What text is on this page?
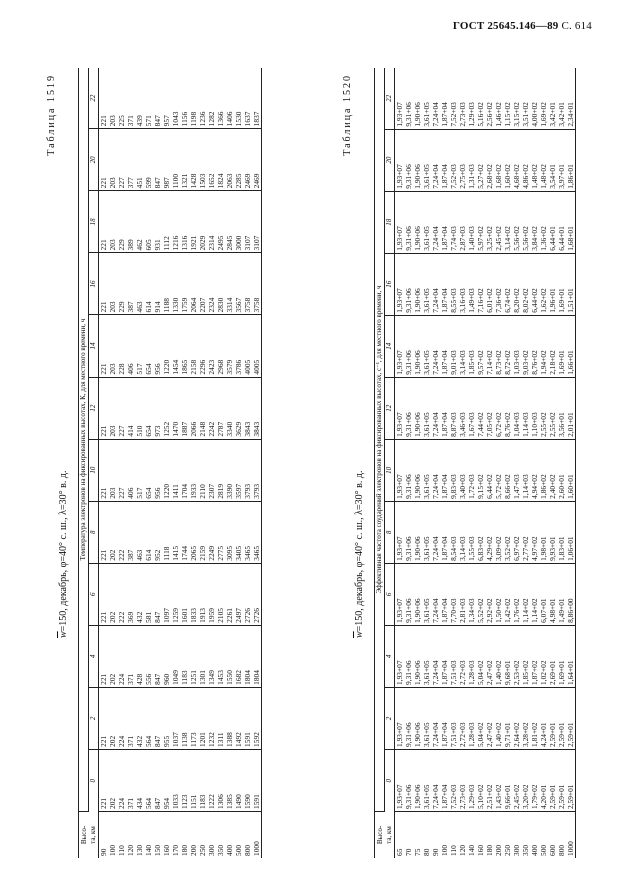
ГОСТ 25645.146—89 С. 614
Таблица 1519
$\overline{w}=150$, декабрь, φ=40° с. ш., λ=30° в. д.
Высо-
та, км	Температура электронов на фиксированных высотах, К, для местного времени, ч											
	0	2	4	6	8	10	12	14	16	18	20	22
90	221	221	221	221	221	221	221	221	221	221	221	221
100	202	202	202	202	202	203	203	203	203	203	203	203
110	224	224	224	222	222	227	227	228	229	229	227	225
120	371	371	371	369	387	406	414	406	387	389	377	371
130	434	432	428	432	463	517	510	517	463	462	451	439
140	564	564	556	581	614	654	654	654	614	605	599	571
150	847	847	847	847	952	956	973	956	914	931	847	847
160	954	955	960	1097	1118	1220	1252	1220	1188	1112	987	957
170	1033	1037	1049	1259	1415	1411	1470	1454	1330	1216	1100	1043
180	1123	1138	1183	1601	1744	1704	1887	1865	1759	1316	1321	1156
200	1151	1173	1251	1833	2065	1933	2066	2158	2064	1921	1428	1198
250	1183	1201	1301	1913	2159	2110	2148	2296	2207	2029	1503	1236
300	1222	1232	1349	1959	2249	2307	2242	2423	2324	2314	1652	1282
350	1306	1311	1453	2105	2775	2819	2787	2968	2830	2495	1824	1366
400	1385	1388	1550	2261	3095	3390	3340	3579	3314	2845	2063	1406
500	1490	1492	1682	2497	3405	3597	3629	3786	3567	3000	2285	1530
800	1590	1591	1804	2726	3465	3793	3843	4005	3758	3107	2469	1637
1000	1591	1592	1804	2726	3465	3793	3843	4005	3758	3107	2469	1837	Таблица 1520
$\overline{w}=150$, декабрь, φ=40° с. ш., λ=30° в. д.
Высо-
та, км	Эффективная частота соударений электронов на фиксированных высотах, с⁻¹, для местного времени, ч											
	0	2	4	6	8	10	12	14	16	18	20	22
65	1,93+07	1,93+07	1,93+07	1,93+07	1,93+07	1,93+07	1,93+07	1,93+07	1,93+07	1,93+07	1,93+07	1,93+07
70	9,31+06	9,31+06	9,31+06	9,31+06	9,31+06	9,31+06	9,31+06	9,31+06	9,31+06	9,31+06	9,31+06	9,31+06
75	1,90+06	1,90+06	1,90+06	1,90+06	1,90+06	1,90+06	1,90+06	1,90+06	1,90+06	1,90+06	1,90+06	1,90+06
80	3,61+05	3,61+05	3,61+05	3,61+05	3,61+05	3,61+05	3,61+05	3,61+05	3,61+05	3,61+05	3,61+05	3,61+05
90	7,24+04	7,24+04	7,24+04	7,24+04	7,24+04	7,24+04	7,24+04	7,24+04	7,24+04	7,24+04	7,24+04	7,24+04
100	1,87+04	1,87+04	1,87+04	1,87+04	1,87+04	1,87+04	1,87+04	1,87+04	1,87+04	1,87+04	1,87+04	1,87+04
110	7,52+03	7,51+03	7,51+03	7,70+03	8,54+03	9,83+03	8,87+03	9,01+03	8,55+03	7,74+03	7,52+03	7,52+03
120	2,73+03	2,72+03	2,72+03	2,81+03	3,14+03	3,40+03	3,46+03	3,14+03	3,16+03	2,87+03	2,75+03	2,73+03
140	1,29+03	1,28+03	1,28+03	1,34+03	1,55+03	1,72+03	1,67+03	1,85+03	1,49+03	1,40+03	1,31+03	1,29+03
160	5,10+02	5,04+02	5,04+02	5,52+02	6,83+02	9,15+02	7,44+02	9,57+02	7,16+02	5,97+02	5,27+02	5,16+02
180	2,51+02	2,47+02	2,47+02	2,92+02	4,29+02	6,44+02	7,05+02	7,14+02	6,01+02	3,25+02	2,68+02	2,56+02
200	1,43+02	1,40+02	1,40+02	1,50+02	3,09+02	5,72+02	6,72+02	8,73+02	7,36+02	2,45+02	1,68+02	1,46+02
250	9,66+01	9,71+01	9,68+01	1,42+02	3,52+02	8,66+02	8,76+02	8,72+02	6,74+02	3,14+02	1,60+02	1,15+02
300	2,45+02	2,64+02	2,53+02	1,76+02	6,97+02	1,47+03	1,04+03	1,03+03	8,20+02	5,56+02	4,68+02	3,15+02
350	3,20+02	3,28+02	1,85+02	1,14+02	2,77+02	1,14+03	1,14+03	9,03+02	8,02+02	5,56+02	4,86+02	3,51+02
400	1,79+02	1,81+02	1,87+02	1,14+02	4,97+02	4,94+02	1,10+03	8,76+02	6,44+02	3,84+02	1,48+02	4,00+02
500	4,20+01	4,24+01	1,02+02	6,07+01	1,98+01	1,86+02	2,55+02	1,94+02	1,62+02	1,36+02	1,48+02	1,69+02
600	2,59+01	2,59+01	2,69+01	4,98+01	9,93+01	2,40+02	2,55+02	2,18+02	1,96+01	6,44+01	3,54+01	3,42+01
800	2,59+01	2,59+01	1,69+01	1,49+01	1,83+01	2,60+01	3,56+01	1,69+01	1,69+01	6,44+01	3,97+01	3,42+01
1000	2,59+01	2,59+01	1,64+01	8,86+00	1,06+01	1,60+01	2,01+01	1,66+01	1,51+01	1,68+01	1,86+01	2,34+01
